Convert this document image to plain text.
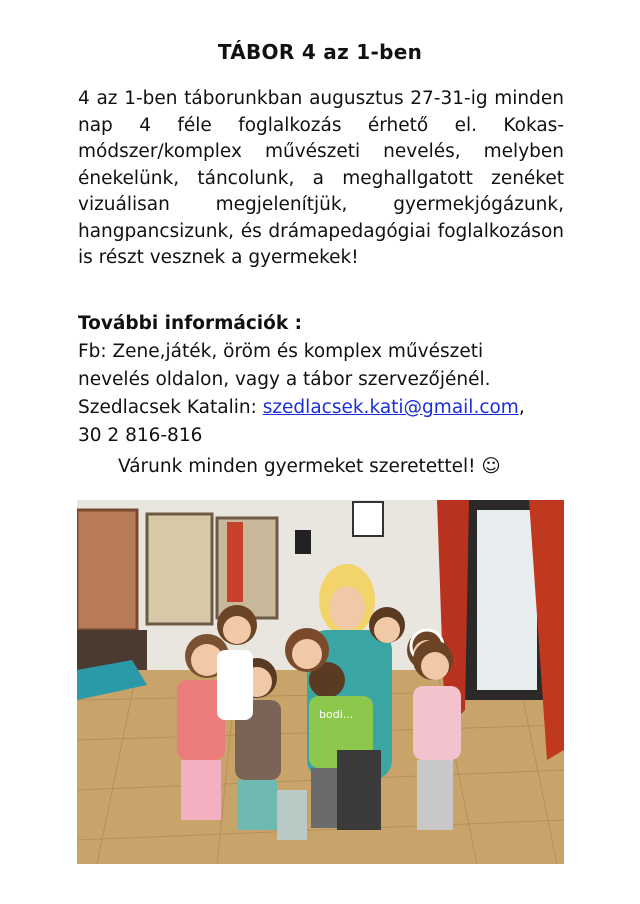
TÁBOR 4 az 1-ben
4 az 1-ben táborunkban augusztus 27-31-ig minden nap 4 féle foglalkozás érhető el. Kokas-módszer/komplex művészeti nevelés, melyben énekelünk, táncolunk, a meghallgatott zenéket vizuálisan megjelenítjük, gyermekjógázunk, hangpancsizunk, és drámapedagógiai foglalkozáson is részt vesznek a gyermekek!
További információk :
Fb: Zene,játék, öröm és komplex művészeti
nevelés oldalon, vagy a tábor szervezőjénél.
Szedlacsek Katalin: szedlacsek.kati@gmail.com,
30 2 816-816
Várunk minden gyermeket szeretettel! ☺
bodi...
